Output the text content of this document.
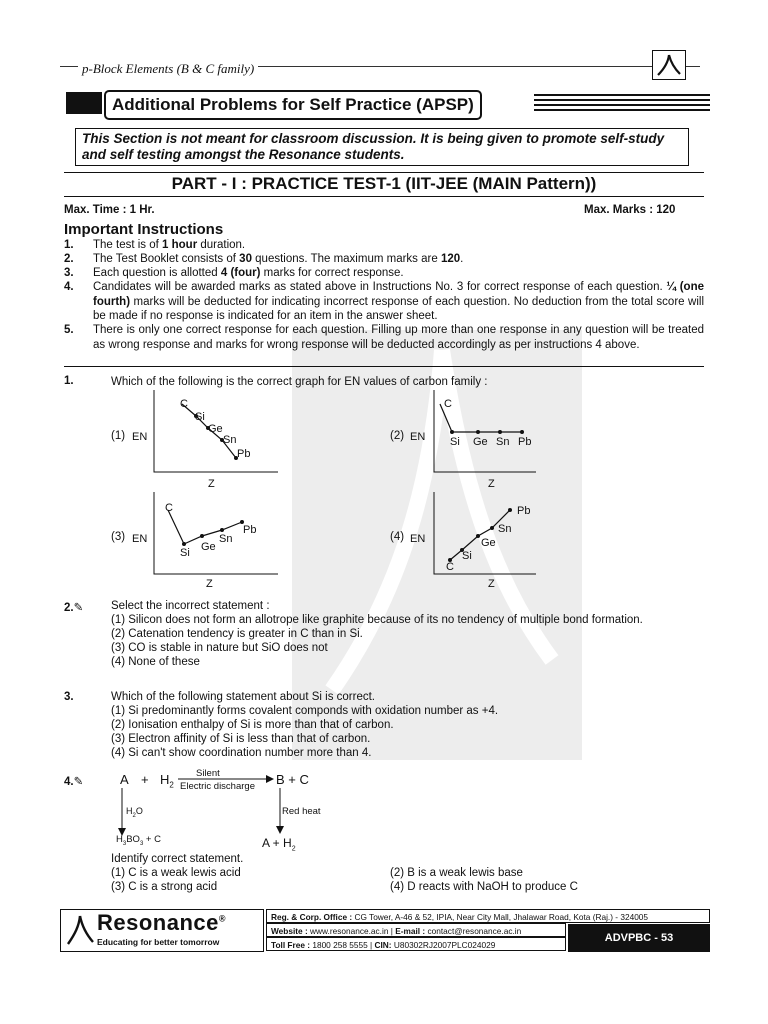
p-Block Elements (B & C family)
Additional Problems for Self Practice (APSP)
This Section is not meant for classroom discussion. It is being given to promote self-study and self testing amongst the Resonance students.
PART - I : PRACTICE TEST-1 (IIT-JEE (MAIN Pattern))
Max. Time : 1 Hr.	Max. Marks : 120
Important Instructions
1. The test is of 1 hour duration.
2. The Test Booklet consists of 30 questions. The maximum marks are 120.
3. Each question is allotted 4 (four) marks for correct response.
4. Candidates will be awarded marks as stated above in Instructions No. 3 for correct response of each question. ¼ (one fourth) marks will be deducted for indicating incorrect response of each question. No deduction from the total score will be made if no response is indicated for an item in the answer sheet.
5. There is only one correct response for each question. Filling up more than one response in any question will be treated as wrong response and marks for wrong response will be deducted accordingly as per instructions 4 above.
1.	Which of the following is the correct graph for EN values of carbon family :
(1) EN
Z
C
Si
Ge
Sn
Pb
(2) EN
Z
C
Si Ge Sn Pb
(3) EN
Z
C
Si Ge
Sn
Pb
(4) EN
Z
C
Si
Ge
Sn
Pb
2.✎ Select the incorrect statement :
(1) Silicon does not form an allotrope like graphite because of its no tendency of multiple bond formation.
(2) Catenation tendency is greater in C than in Si.
(3) CO is stable in nature but SiO does not
(4) None of these
3.	Which of the following statement about Si is correct.
(1) Si predominantly forms covalent componds with oxidation number as +4.
(2) Ionisation enthalpy of Si is more than that of carbon.
(3) Electron affinity of Si is less than that of carbon.
(4) Si can't show coordination number more than 4.
4.✎	$A + H_2$
Silent
Electric discharge B + C
$H_2O$
$H_3BO_3 + C$
Red heat
$A + H_2$
Identify correct statement.
(1) C is a weak lewis acid	(2) B is a weak lewis base
(3) C is a strong acid	(4) D reacts with NaOH to produce C
Resonance®
Educating for better tomorrow
Reg. & Corp. Office : CG Tower, A-46 & 52, IPIA, Near City Mall, Jhalawar Road, Kota (Raj.) - 324005
Website : www.resonance.ac.in | E-mail : contact@resonance.ac.in
Toll Free : 1800 258 5555 | CIN: U80302RJ2007PLC024029
ADVPBC - 53
